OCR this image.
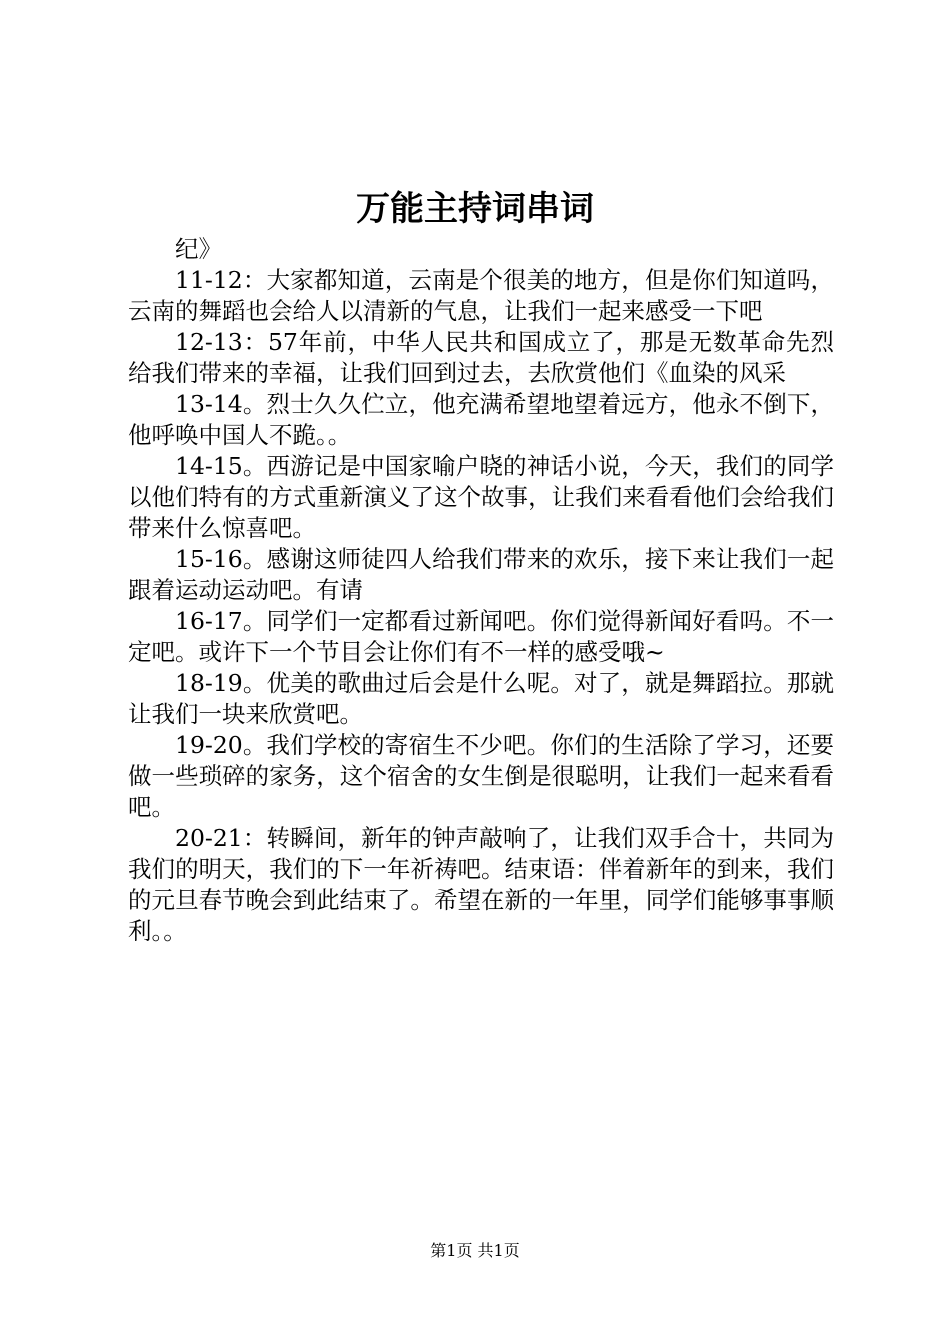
万能主持词串词

纪》

11-12：大家都知道，云南是个很美的地方，但是你们知道吗，云南的舞蹈也会给人以清新的气息，让我们一起来感受一下吧

12-13：57年前，中华人民共和国成立了，那是无数革命先烈给我们带来的幸福，让我们回到过去，去欣赏他们《血染的风采

13-14。烈士久久伫立，他充满希望地望着远方，他永不倒下，他呼唤中国人不跪。。

14-15。西游记是中国家喻户晓的神话小说，今天，我们的同学以他们特有的方式重新演义了这个故事，让我们来看看他们会给我们带来什么惊喜吧。

15-16。感谢这师徒四人给我们带来的欢乐，接下来让我们一起跟着运动运动吧。有请

16-17。同学们一定都看过新闻吧。你们觉得新闻好看吗。不一定吧。或许下一个节目会让你们有不一样的感受哦~

18-19。优美的歌曲过后会是什么呢。对了，就是舞蹈拉。那就让我们一块来欣赏吧。

19-20。我们学校的寄宿生不少吧。你们的生活除了学习，还要做一些琐碎的家务，这个宿舍的女生倒是很聪明，让我们一起来看看吧。

20-21：转瞬间，新年的钟声敲响了，让我们双手合十，共同为我们的明天，我们的下一年祈祷吧。结束语：伴着新年的到来，我们的元旦春节晚会到此结束了。希望在新的一年里，同学们能够事事顺利。。

第1页 共1页
